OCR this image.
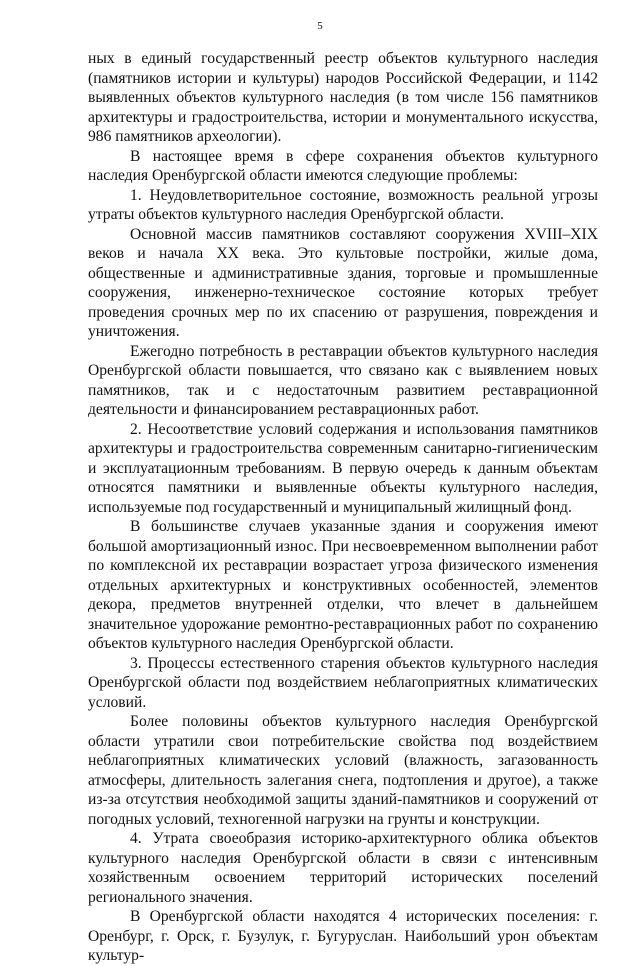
5

ных в единый государственный реестр объектов культурного наследия (памятников истории и культуры) народов Российской Федерации, и 1142 выявленных объектов культурного наследия (в том числе 156 памятников архитектуры и градостроительства, истории и монументального искусства, 986 памятников археологии).

В настоящее время в сфере сохранения объектов культурного наследия Оренбургской области имеются следующие проблемы:

1. Неудовлетворительное состояние, возможность реальной угрозы утраты объектов культурного наследия Оренбургской области.

Основной массив памятников составляют сооружения XVIII–XIX веков и начала XX века. Это культовые постройки, жилые дома, общественные и административные здания, торговые и промышленные сооружения, инженерно-техническое состояние которых требует проведения срочных мер по их спасению от разрушения, повреждения и уничтожения.

Ежегодно потребность в реставрации объектов культурного наследия Оренбургской области повышается, что связано как с выявлением новых памятников, так и с недостаточным развитием реставрационной деятельности и финансированием реставрационных работ.

2. Несоответствие условий содержания и использования памятников архитектуры и градостроительства современным санитарно-гигиеническим и эксплуатационным требованиям. В первую очередь к данным объектам относятся памятники и выявленные объекты культурного наследия, используемые под государственный и муниципальный жилищный фонд.

В большинстве случаев указанные здания и сооружения имеют большой амортизационный износ. При несвоевременном выполнении работ по комплексной их реставрации возрастает угроза физического изменения отдельных архитектурных и конструктивных особенностей, элементов декора, предметов внутренней отделки, что влечет в дальнейшем значительное удорожание ремонтно-реставрационных работ по сохранению объектов культурного наследия Оренбургской области.

3. Процессы естественного старения объектов культурного наследия Оренбургской области под воздействием неблагоприятных климатических условий.

Более половины объектов культурного наследия Оренбургской области утратили свои потребительские свойства под воздействием неблагоприятных климатических условий (влажность, загазованность атмосферы, длительность залегания снега, подтопления и другое), а также из-за отсутствия необходимой защиты зданий-памятников и сооружений от погодных условий, техногенной нагрузки на грунты и конструкции.

4. Утрата своеобразия историко-архитектурного облика объектов культурного наследия Оренбургской области в связи с интенсивным хозяйственным освоением территорий исторических поселений регионального значения.

В Оренбургской области находятся 4 исторических поселения: г. Оренбург, г. Орск, г. Бузулук, г. Бугуруслан. Наибольший урон объектам культур-
